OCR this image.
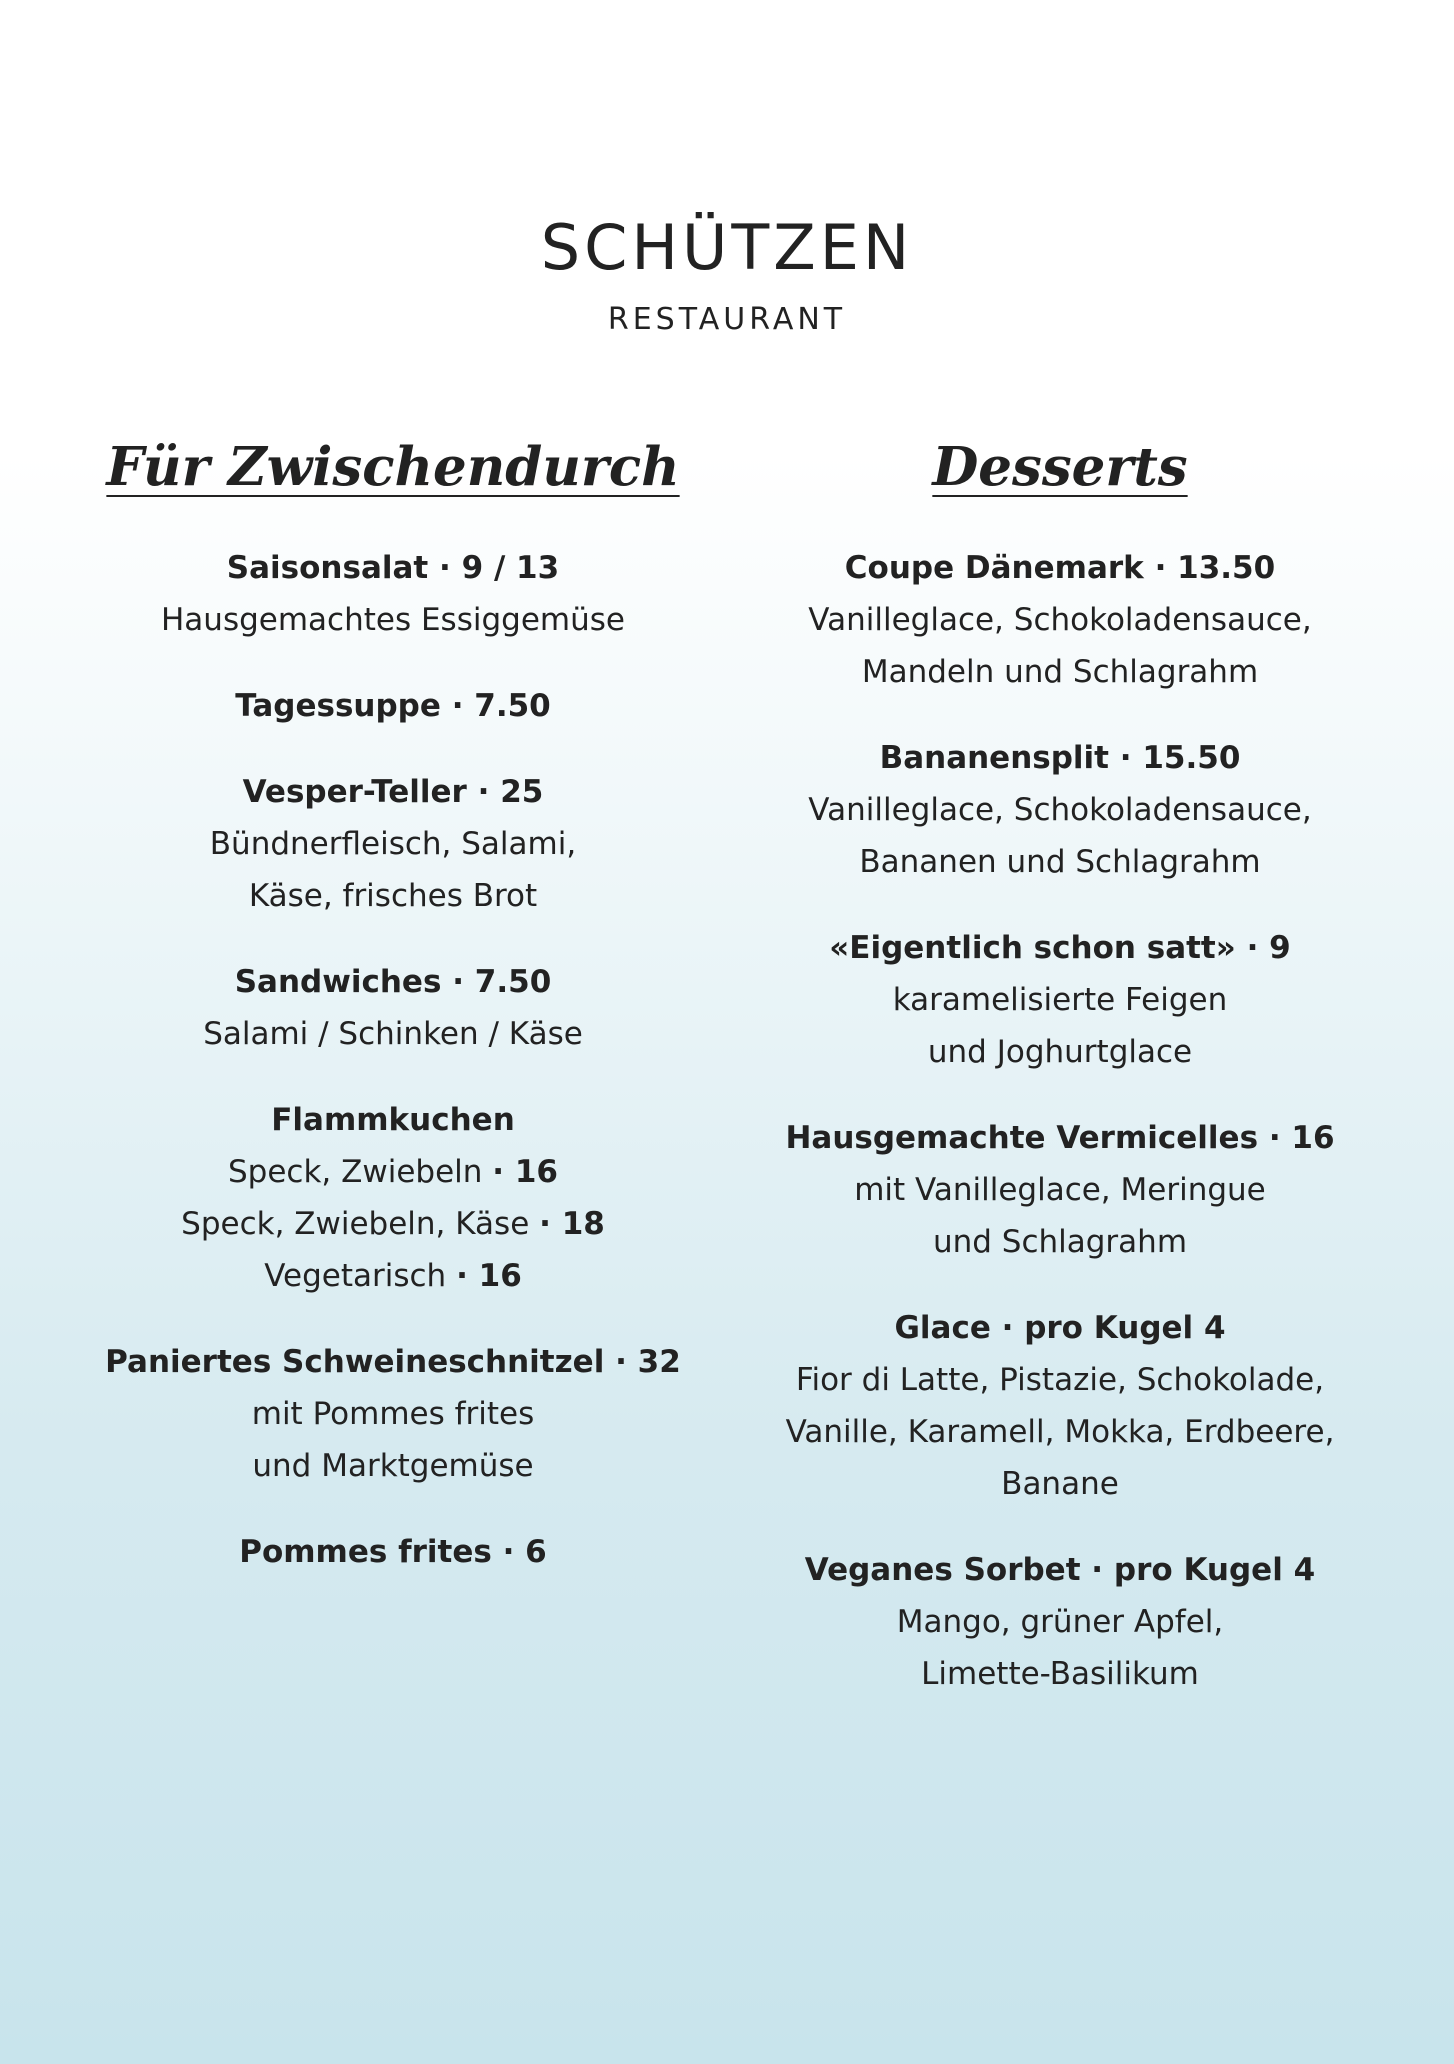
SCHÜTZEN
RESTAURANT
Für Zwischendurch
Saisonsalat · 9 / 13
Hausgemachtes Essiggemüse
Tagessuppe · 7.50
Vesper-Teller · 25
Bündnerfleisch, Salami,
Käse, frisches Brot
Sandwiches · 7.50
Salami / Schinken / Käse
Flammkuchen
Speck, Zwiebeln · 16
Speck, Zwiebeln, Käse · 18
Vegetarisch · 16
Paniertes Schweineschnitzel · 32
mit Pommes frites
und Marktgemüse
Pommes frites · 6
Desserts
Coupe Dänemark · 13.50
Vanilleglace, Schokoladensauce,
Mandeln und Schlagrahm
Bananensplit · 15.50
Vanilleglace, Schokoladensauce,
Bananen und Schlagrahm
«Eigentlich schon satt» · 9
karamelisierte Feigen
und Joghurtglace
Hausgemachte Vermicelles · 16
mit Vanilleglace, Meringue
und Schlagrahm
Glace · pro Kugel 4
Fior di Latte, Pistazie, Schokolade,
Vanille, Karamell, Mokka, Erdbeere,
Banane
Veganes Sorbet · pro Kugel 4
Mango, grüner Apfel,
Limette-Basilikum
